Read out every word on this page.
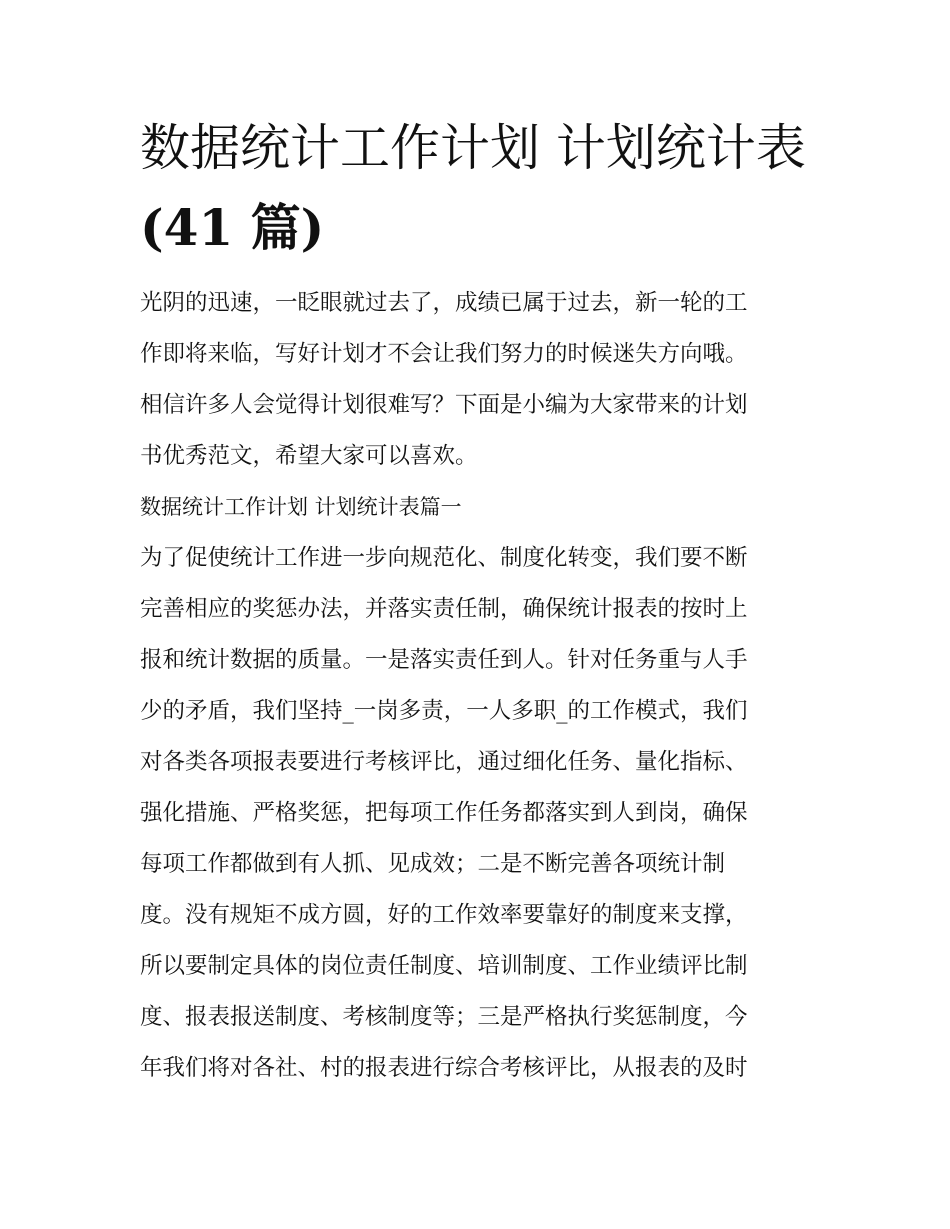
数据统计工作计划 计划统计表
(41 篇)
光阴的迅速，一眨眼就过去了，成绩已属于过去，新一轮的工
作即将来临，写好计划才不会让我们努力的时候迷失方向哦。
相信许多人会觉得计划很难写？下面是小编为大家带来的计划
书优秀范文，希望大家可以喜欢。
数据统计工作计划 计划统计表篇一
为了促使统计工作进一步向规范化、制度化转变，我们要不断
完善相应的奖惩办法，并落实责任制，确保统计报表的按时上
报和统计数据的质量。一是落实责任到人。针对任务重与人手
少的矛盾，我们坚持_一岗多责，一人多职_的工作模式，我们
对各类各项报表要进行考核评比，通过细化任务、量化指标、
强化措施、严格奖惩，把每项工作任务都落实到人到岗，确保
每项工作都做到有人抓、见成效；二是不断完善各项统计制
度。没有规矩不成方圆，好的工作效率要靠好的制度来支撑，
所以要制定具体的岗位责任制度、培训制度、工作业绩评比制
度、报表报送制度、考核制度等；三是严格执行奖惩制度，今
年我们将对各社、村的报表进行综合考核评比，从报表的及时
